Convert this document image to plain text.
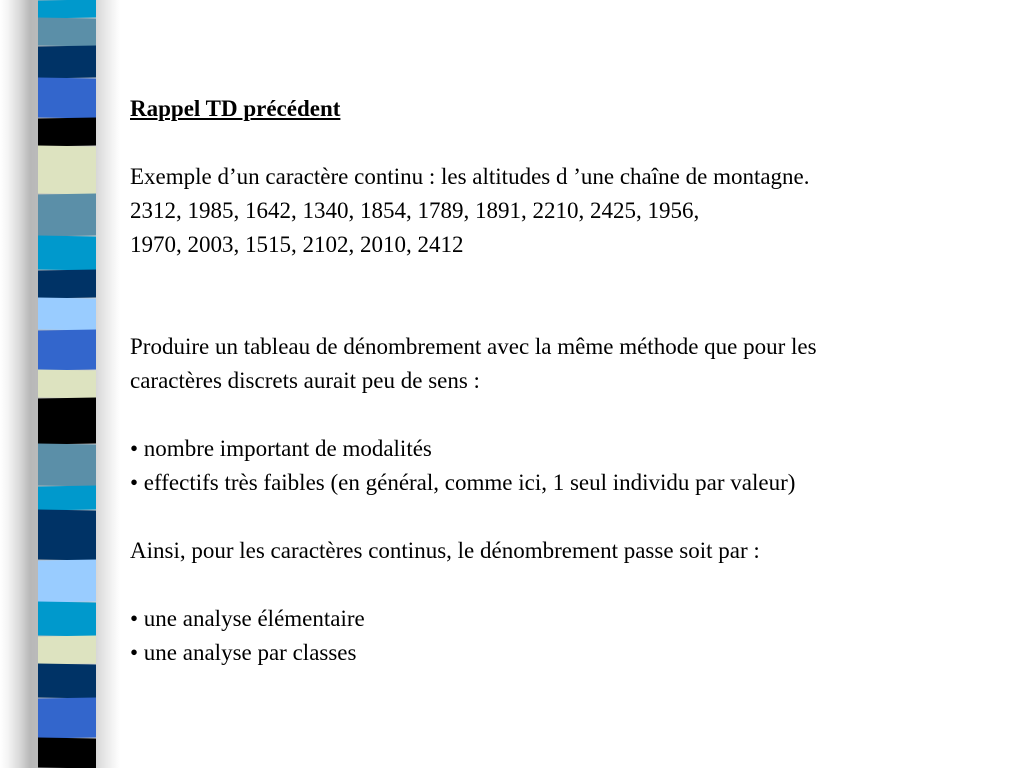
Rappel TD précédent
Exemple d’un caractère continu : les altitudes d ’une chaîne de montagne.
2312, 1985, 1642, 1340, 1854, 1789, 1891, 2210, 2425, 1956,
1970, 2003, 1515, 2102, 2010, 2412
Produire un tableau de dénombrement avec la même méthode que pour les
caractères discrets aurait peu de sens :
• nombre important de modalités
• effectifs très faibles (en général, comme ici, 1 seul individu par valeur)
Ainsi, pour les caractères continus, le dénombrement passe soit par :
• une analyse élémentaire
• une analyse par classes
